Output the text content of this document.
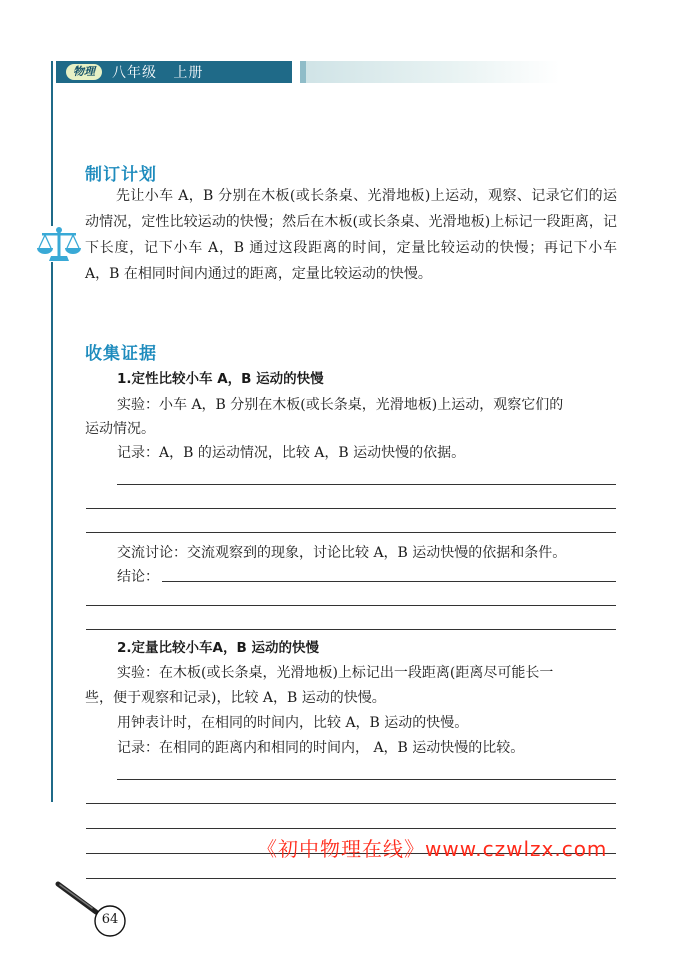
物理	八年级   上册
制订计划
先让小车 A，B 分别在木板(或长条桌、光滑地板)上运动，观察、记录它们的运动情况，定性比较运动的快慢；然后在木板(或长条桌、光滑地板)上标记一段距离，记下长度，记下小车 A，B 通过这段距离的时间，定量比较运动的快慢；再记下小车 A，B 在相同时间内通过的距离，定量比较运动的快慢。
收集证据
1.定性比较小车 A，B 运动的快慢
实验：小车 A，B 分别在木板(或长条桌，光滑地板)上运动，观察它们的
运动情况。
记录：A，B 的运动情况，比较 A，B 运动快慢的依据。
交流讨论：交流观察到的现象，讨论比较 A，B 运动快慢的依据和条件。
结论：
2.定量比较小车A，B 运动的快慢
实验：在木板(或长条桌，光滑地板)上标记出一段距离(距离尽可能长一
些，便于观察和记录)，比较 A，B 运动的快慢。
用钟表计时，在相同的时间内，比较 A，B 运动的快慢。
记录：在相同的距离内和相同的时间内， A，B 运动快慢的比较。
《初中物理在线》www.czwlzx.com
64
